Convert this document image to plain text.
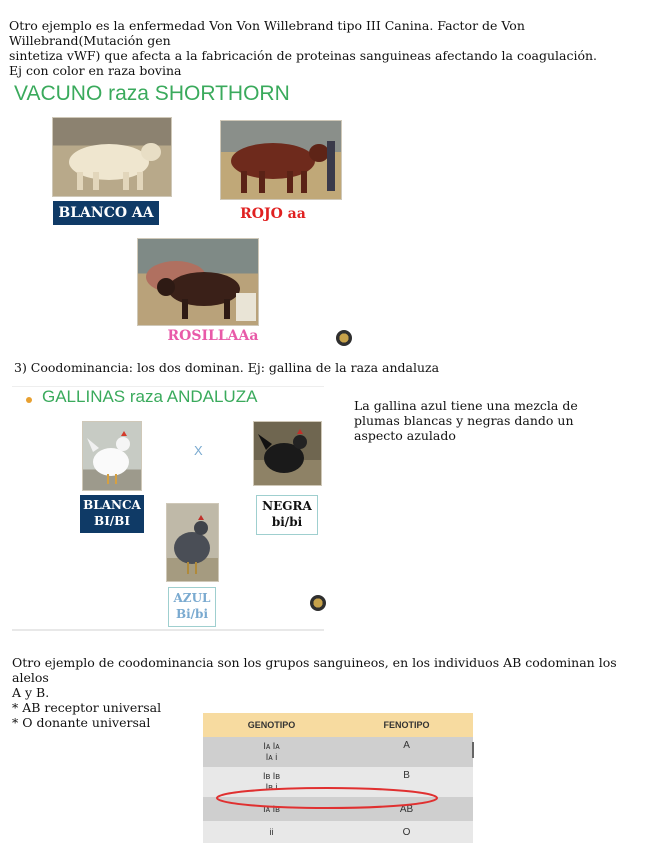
Otro ejemplo es la enfermedad Von Von Willebrand tipo III Canina. Factor de Von Willebrand(Mutación gen
sintetiza vWF) que afecta a la fabricación de proteinas sanguineas afectando la coagulación.
Ej con color en raza bovina
VACUNO raza SHORTHORN
BLANCO AA	ROJO aa
ROSILLAAa
3) Coodominancia: los dos dominan. Ej: gallina de la raza andaluza
GALLINAS raza ANDALUZA
X
BLANCA
BI/BI
NEGRA
bi/bi
AZUL
Bi/bi
La gallina azul tiene una mezcla de
plumas blancas y negras dando un
aspecto azulado
Otro ejemplo de coodominancia son los grupos sanguineos, en los individuos AB codominan los alelos
A y B.
* AB receptor universal
* O donante universal	GENOTIPO	FENOTIPO

Iᴀ Iᴀ
Iᴀ i	A

Iʙ Iʙ
Iʙ i	B

Iᴀ Iʙ	AB
ii	O
